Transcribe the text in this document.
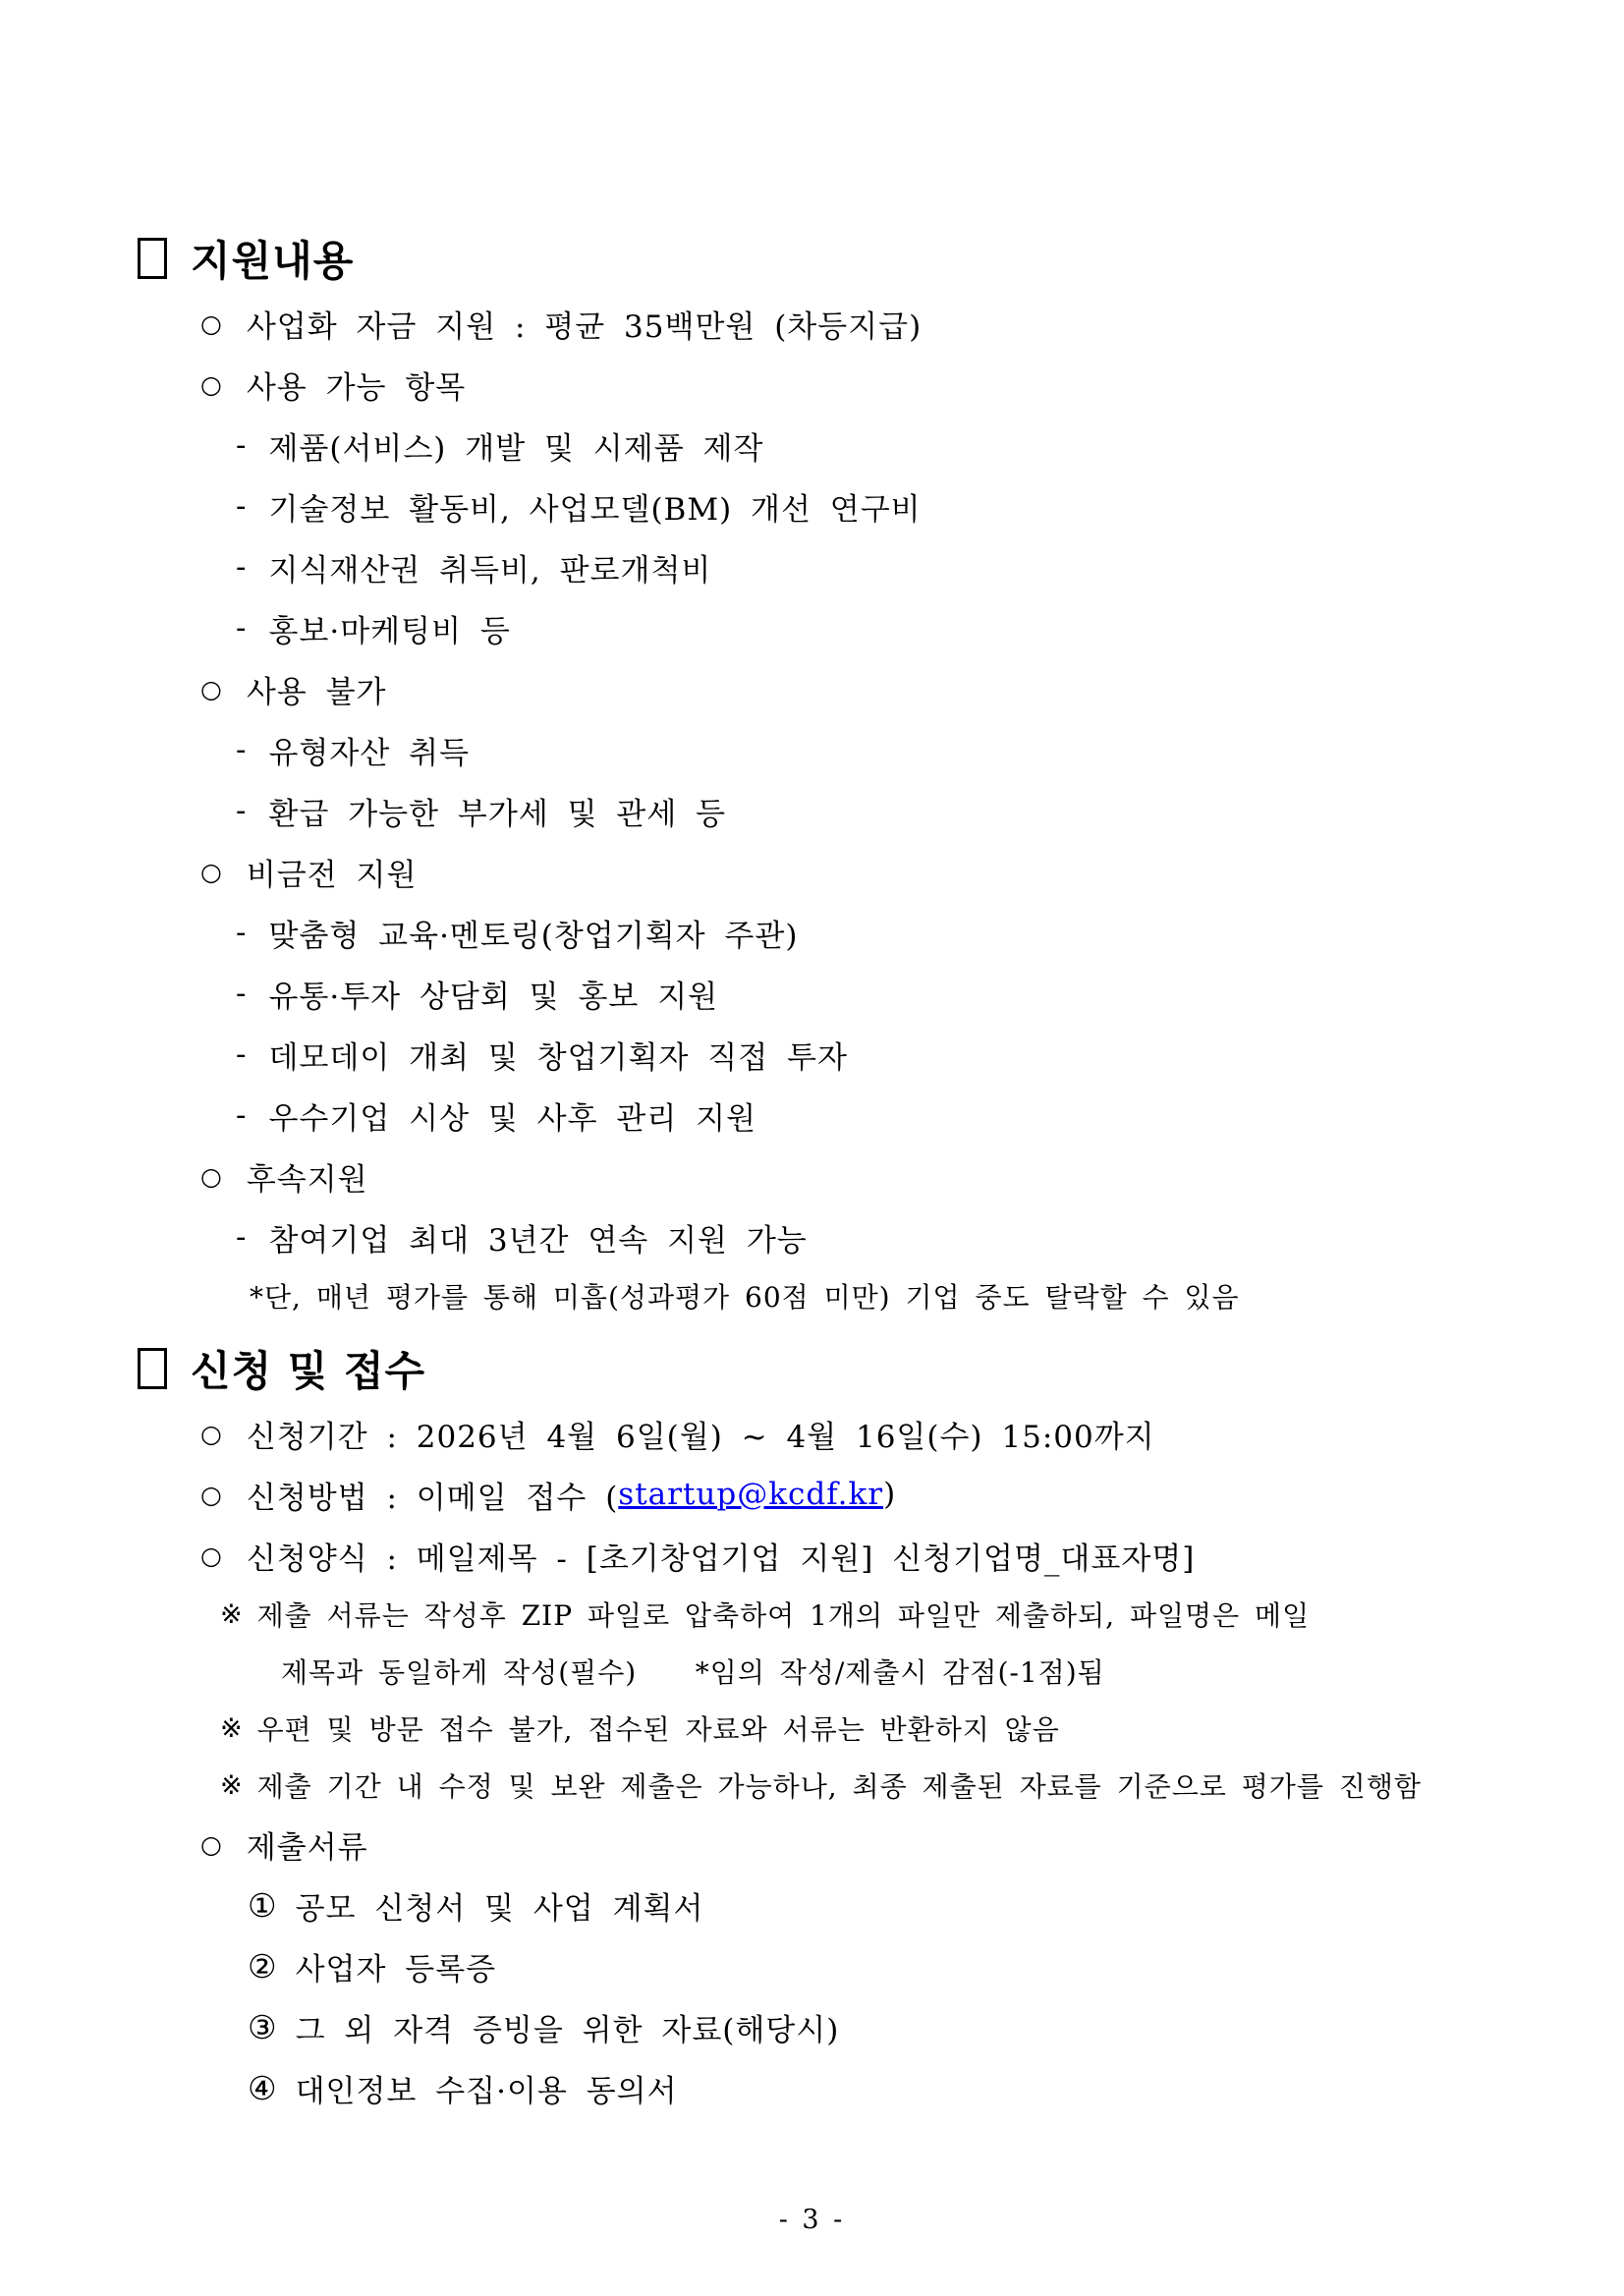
지원내용
○ 사업화 자금 지원 : 평균 35백만원 (차등지급)
○ 사용 가능 항목
- 제품(서비스) 개발 및 시제품 제작
- 기술정보 활동비, 사업모델(BM) 개선 연구비
- 지식재산권 취득비, 판로개척비
- 홍보·마케팅비 등
○ 사용 불가
- 유형자산 취득
- 환급 가능한 부가세 및 관세 등
○ 비금전 지원
- 맞춤형 교육·멘토링(창업기획자 주관)
- 유통·투자 상담회 및 홍보 지원
- 데모데이 개최 및 창업기획자 직접 투자
- 우수기업 시상 및 사후 관리 지원
○ 후속지원
- 참여기업 최대 3년간 연속 지원 가능
*단, 매년 평가를 통해 미흡(성과평가 60점 미만) 기업 중도 탈락할 수 있음
신청 및 접수
○ 신청기간 : 2026년 4월 6일(월) ~ 4월 16일(수) 15:00까지
○ 신청방법 : 이메일 접수 ( startup@kcdf.kr )
○ 신청양식 : 메일제목 - [초기창업기업 지원] 신청기업명_대표자명]
※ 제출 서류는 작성후 ZIP 파일로 압축하여 1개의 파일만 제출하되, 파일명은 메일
제목과 동일하게 작성(필수)    *임의 작성/제출시 감점(-1점)됨
※ 우편 및 방문 접수 불가, 접수된 자료와 서류는 반환하지 않음
※ 제출 기간 내 수정 및 보완 제출은 가능하나, 최종 제출된 자료를 기준으로 평가를 진행함
○ 제출서류
① 공모 신청서 및 사업 계획서
② 사업자 등록증
③ 그 외 자격 증빙을 위한 자료(해당시)
④ 대인정보 수집·이용 동의서
- 3 -
